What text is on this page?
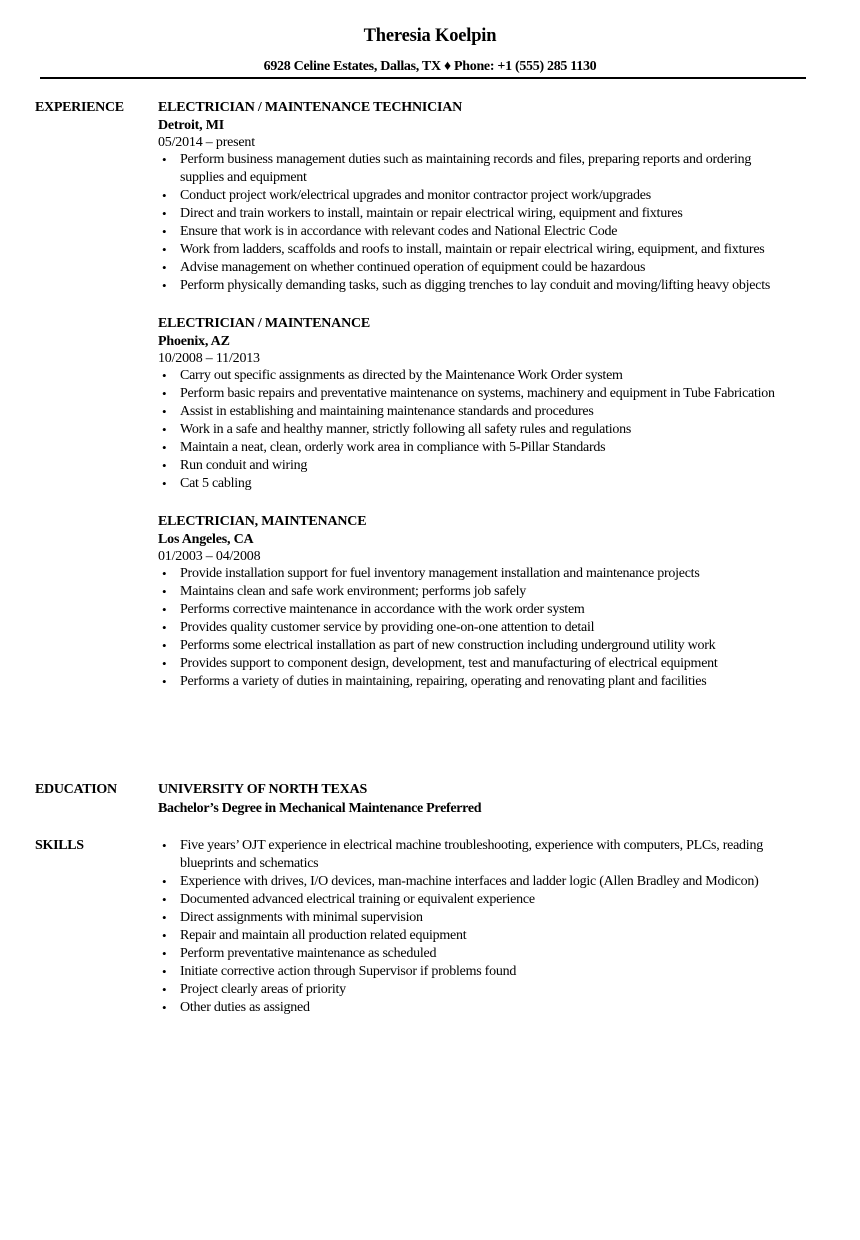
Theresia Koelpin
6928 Celine Estates, Dallas, TX ♦ Phone: +1 (555) 285 1130
EXPERIENCE ELECTRICIAN / MAINTENANCE TECHNICIAN
Detroit, MI
05/2014 – present
• Perform business management duties such as maintaining records and files, preparing reports and ordering supplies and equipment
• Conduct project work/electrical upgrades and monitor contractor project work/upgrades
• Direct and train workers to install, maintain or repair electrical wiring, equipment and fixtures
• Ensure that work is in accordance with relevant codes and National Electric Code
• Work from ladders, scaffolds and roofs to install, maintain or repair electrical wiring, equipment, and fixtures
• Advise management on whether continued operation of equipment could be hazardous
• Perform physically demanding tasks, such as digging trenches to lay conduit and moving/lifting heavy objects
ELECTRICIAN / MAINTENANCE
Phoenix, AZ
10/2008 – 11/2013
• Carry out specific assignments as directed by the Maintenance Work Order system
• Perform basic repairs and preventative maintenance on systems, machinery and equipment in Tube Fabrication
• Assist in establishing and maintaining maintenance standards and procedures
• Work in a safe and healthy manner, strictly following all safety rules and regulations
• Maintain a neat, clean, orderly work area in compliance with 5-Pillar Standards
• Run conduit and wiring
• Cat 5 cabling
ELECTRICIAN, MAINTENANCE
Los Angeles, CA
01/2003 – 04/2008
• Provide installation support for fuel inventory management installation and maintenance projects
• Maintains clean and safe work environment; performs job safely
• Performs corrective maintenance in accordance with the work order system
• Provides quality customer service by providing one-on-one attention to detail
• Performs some electrical installation as part of new construction including underground utility work
• Provides support to component design, development, test and manufacturing of electrical equipment
• Performs a variety of duties in maintaining, repairing, operating and renovating plant and facilities
EDUCATION	UNIVERSITY OF NORTH TEXAS
Bachelor’s Degree in Mechanical Maintenance Preferred
SKILLS	• Five years’ OJT experience in electrical machine troubleshooting, experience with computers, PLCs, reading blueprints and schematics
• Experience with drives, I/O devices, man-machine interfaces and ladder logic (Allen Bradley and Modicon)
• Documented advanced electrical training or equivalent experience
• Direct assignments with minimal supervision
• Repair and maintain all production related equipment
• Perform preventative maintenance as scheduled
• Initiate corrective action through Supervisor if problems found
• Project clearly areas of priority
• Other duties as assigned
